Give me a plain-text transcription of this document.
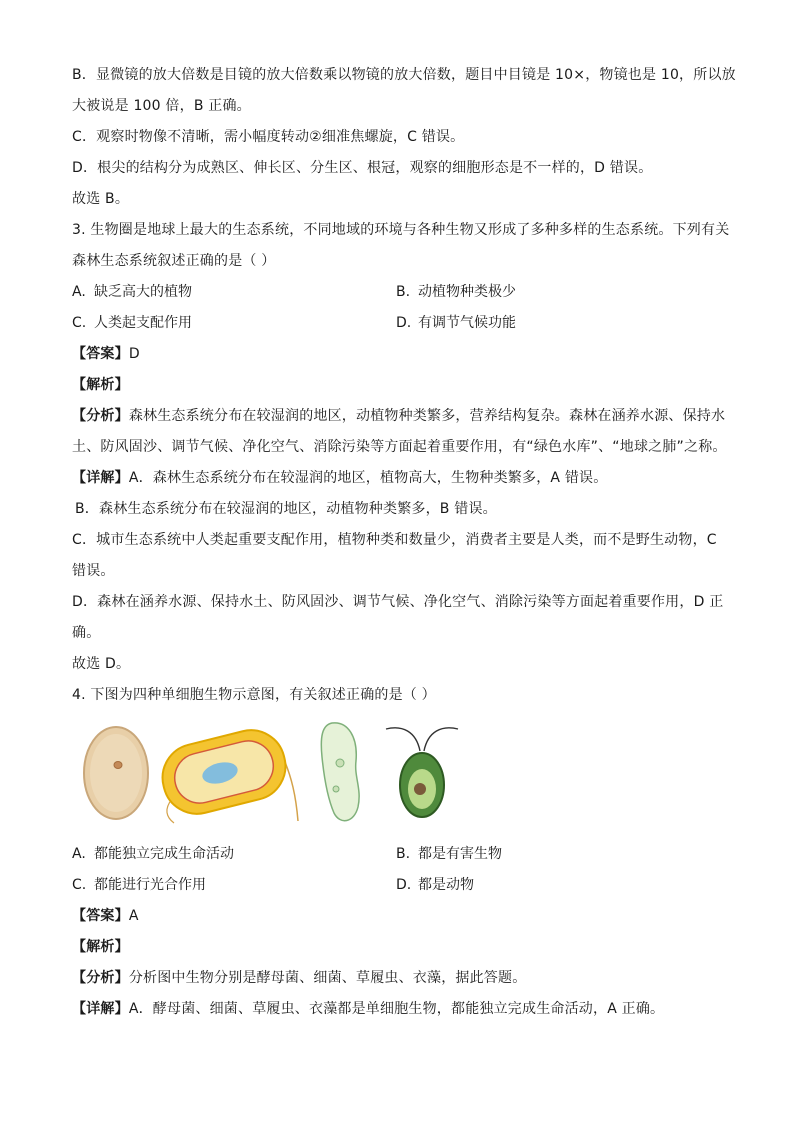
B．显微镜的放大倍数是目镜的放大倍数乘以物镜的放大倍数，题目中目镜是 10×，物镜也是 10，所以放
大被说是 100 倍，B 正确。
C．观察时物像不清晰，需小幅度转动②细准焦螺旋，C 错误。
D．根尖的结构分为成熟区、伸长区、分生区、根冠，观察的细胞形态是不一样的，D 错误。
故选 B。
3. 生物圈是地球上最大的生态系统，不同地域的环境与各种生物又形成了多种多样的生态系统。下列有关
森林生态系统叙述正确的是（ ）
A. 缺乏高大的植物	B. 动植物种类极少
C. 人类起支配作用	D. 有调节气候功能
【答案】D
【解析】
【分析】森林生态系统分布在较湿润的地区，动植物种类繁多，营养结构复杂。森林在涵养水源、保持水
土、防风固沙、调节气候、净化空气、消除污染等方面起着重要作用，有“绿色水库”、“地球之肺”之称。
【详解】A．森林生态系统分布在较湿润的地区，植物高大，生物种类繁多，A 错误。
B．森林生态系统分布在较湿润的地区，动植物种类繁多，B 错误。
C．城市生态系统中人类起重要支配作用，植物种类和数量少，消费者主要是人类，而不是野生动物，C
错误。
D．森林在涵养水源、保持水土、防风固沙、调节气候、净化空气、消除污染等方面起着重要作用，D 正
确。
故选 D。
4. 下图为四种单细胞生物示意图，有关叙述正确的是（ ）
A. 都能独立完成生命活动	B. 都是有害生物
C. 都能进行光合作用	D. 都是动物
【答案】A
【解析】
【分析】分析图中生物分别是酵母菌、细菌、草履虫、衣藻，据此答题。
【详解】A．酵母菌、细菌、草履虫、衣藻都是单细胞生物，都能独立完成生命活动，A 正确。
